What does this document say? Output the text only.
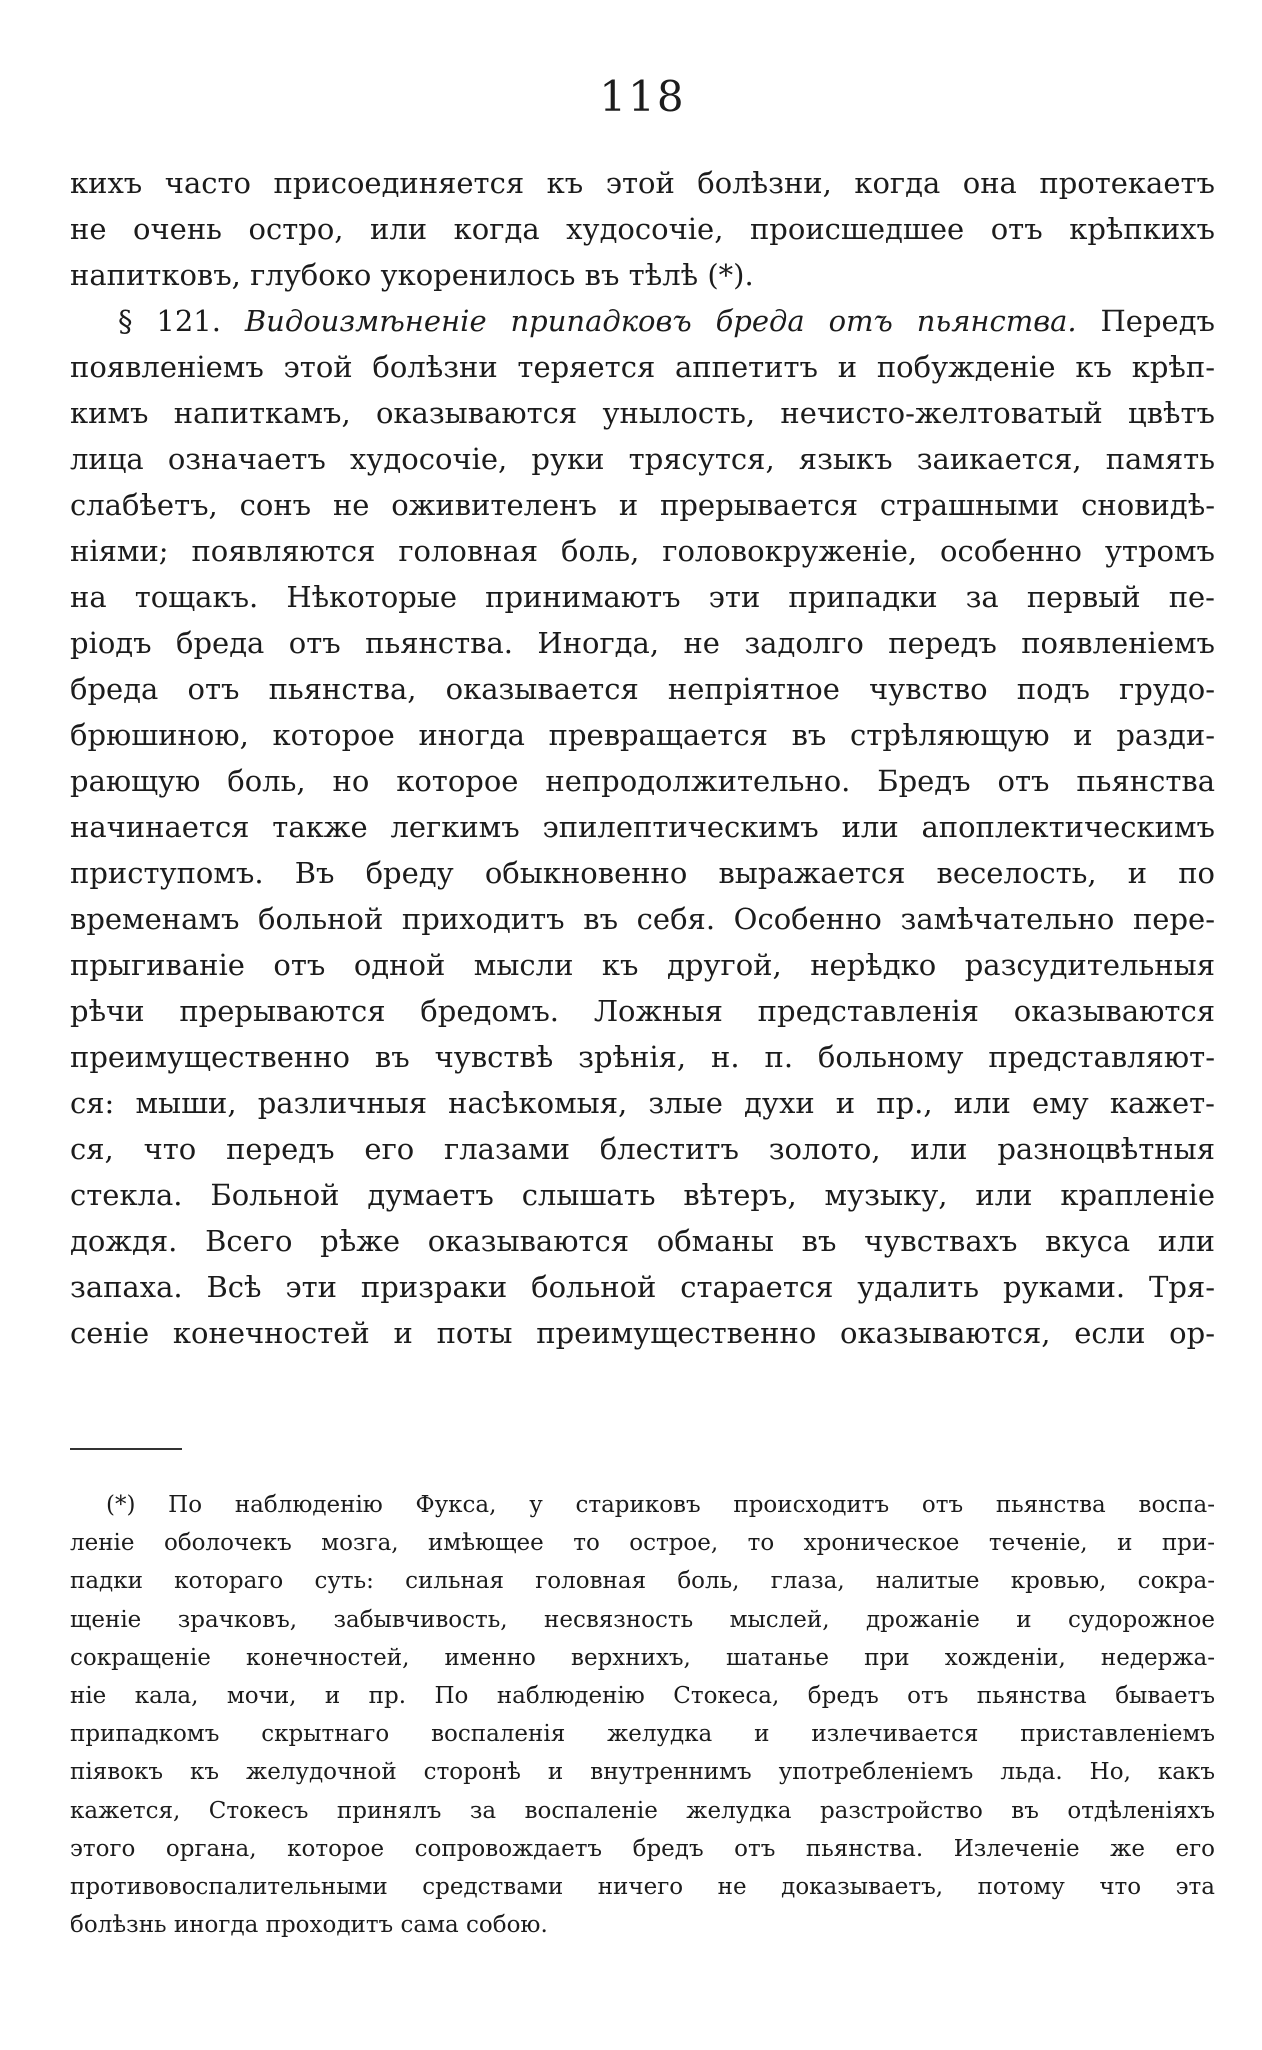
118
кихъ часто присоединяется къ этой болѣзни, когда она протекаетъ
не очень остро, или когда худосочіе, происшедшее отъ крѣпкихъ
напитковъ, глубоко укоренилось въ тѣлѣ (*).
§ 121. Видоизмѣненіе припадковъ бреда отъ пьянства. Передъ
появленіемъ этой болѣзни теряется аппетитъ и побужденіе къ крѣп-
кимъ напиткамъ, оказываются унылость, нечисто-желтоватый цвѣтъ
лица означаетъ худосочіе, руки трясутся, языкъ заикается, память
слабѣетъ, сонъ не оживителенъ и прерывается страшными сновидѣ-
ніями; появляются головная боль, головокруженіе, особенно утромъ
на тощакъ. Нѣкоторые принимаютъ эти припадки за первый пе-
ріодъ бреда отъ пьянства. Иногда, не задолго передъ появленіемъ
бреда отъ пьянства, оказывается непріятное чувство подъ грудо-
брюшиною, которое иногда превращается въ стрѣляющую и разди-
рающую боль, но которое непродолжительно. Бредъ отъ пьянства
начинается также легкимъ эпилептическимъ или апоплектическимъ
приступомъ. Въ бреду обыкновенно выражается веселость, и по
временамъ больной приходитъ въ себя. Особенно замѣчательно пере-
прыгиваніе отъ одной мысли къ другой, нерѣдко разсудительныя
рѣчи прерываются бредомъ. Ложныя представленія оказываются
преимущественно въ чувствѣ зрѣнія, н. п. больному представляют-
ся: мыши, различныя насѣкомыя, злые духи и пр., или ему кажет-
ся, что передъ его глазами блеститъ золото, или разноцвѣтныя
стекла. Больной думаетъ слышать вѣтеръ, музыку, или крапленіе
дождя. Всего рѣже оказываются обманы въ чувствахъ вкуса или
запаха. Всѣ эти призраки больной старается удалить руками. Тря-
сеніе конечностей и поты преимущественно оказываются, если ор-
(*) По наблюденію Фукса, у стариковъ происходитъ отъ пьянства воспа-
леніе оболочекъ мозга, имѣющее то острое, то хроническое теченіе, и при-
падки котораго суть: сильная головная боль, глаза, налитые кровью, сокра-
щеніе зрачковъ, забывчивость, несвязность мыслей, дрожаніе и судорожное
сокращеніе конечностей, именно верхнихъ, шатанье при хожденіи, недержа-
ніе кала, мочи, и пр. По наблюденію Стокеса, бредъ отъ пьянства бываетъ
припадкомъ скрытнаго воспаленія желудка и излечивается приставленіемъ
піявокъ къ желудочной сторонѣ и внутреннимъ употребленіемъ льда. Но, какъ
кажется, Стокесъ принялъ за воспаленіе желудка разстройство въ отдѣленіяхъ
этого органа, которое сопровождаетъ бредъ отъ пьянства. Излеченіе же его
противовоспалительными средствами ничего не доказываетъ, потому что эта
болѣзнь иногда проходитъ сама собою.
